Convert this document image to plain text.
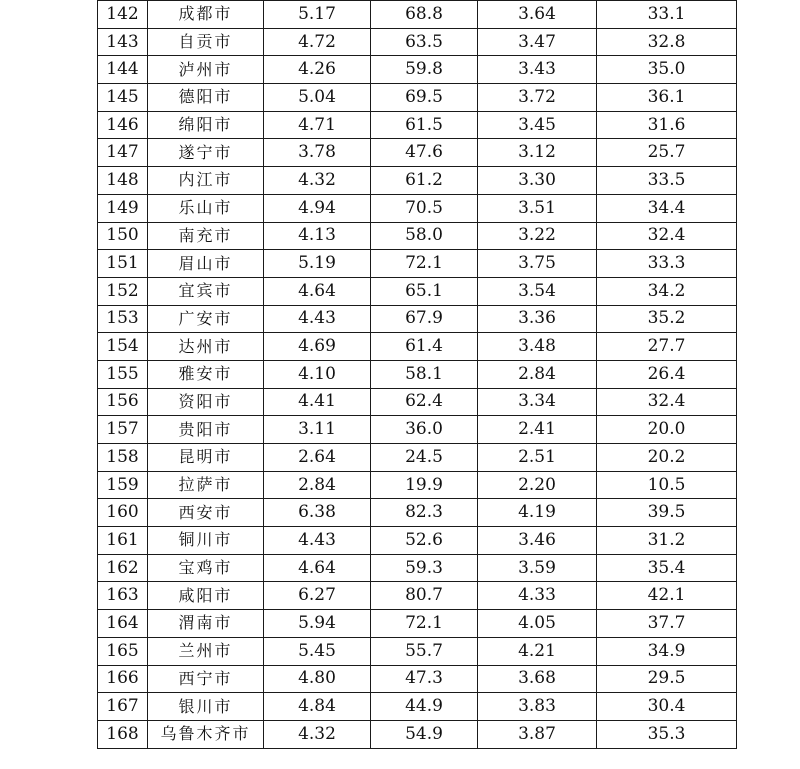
142	成都市	5.17	68.8	3.64	33.1
143	自贡市	4.72	63.5	3.47	32.8
144	泸州市	4.26	59.8	3.43	35.0
145	德阳市	5.04	69.5	3.72	36.1
146	绵阳市	4.71	61.5	3.45	31.6
147	遂宁市	3.78	47.6	3.12	25.7
148	内江市	4.32	61.2	3.30	33.5
149	乐山市	4.94	70.5	3.51	34.4
150	南充市	4.13	58.0	3.22	32.4
151	眉山市	5.19	72.1	3.75	33.3
152	宜宾市	4.64	65.1	3.54	34.2
153	广安市	4.43	67.9	3.36	35.2
154	达州市	4.69	61.4	3.48	27.7
155	雅安市	4.10	58.1	2.84	26.4
156	资阳市	4.41	62.4	3.34	32.4
157	贵阳市	3.11	36.0	2.41	20.0
158	昆明市	2.64	24.5	2.51	20.2
159	拉萨市	2.84	19.9	2.20	10.5
160	西安市	6.38	82.3	4.19	39.5
161	铜川市	4.43	52.6	3.46	31.2
162	宝鸡市	4.64	59.3	3.59	35.4
163	咸阳市	6.27	80.7	4.33	42.1
164	渭南市	5.94	72.1	4.05	37.7
165	兰州市	5.45	55.7	4.21	34.9
166	西宁市	4.80	47.3	3.68	29.5
167	银川市	4.84	44.9	3.83	30.4
168	乌鲁木齐市	4.32	54.9	3.87	35.3
